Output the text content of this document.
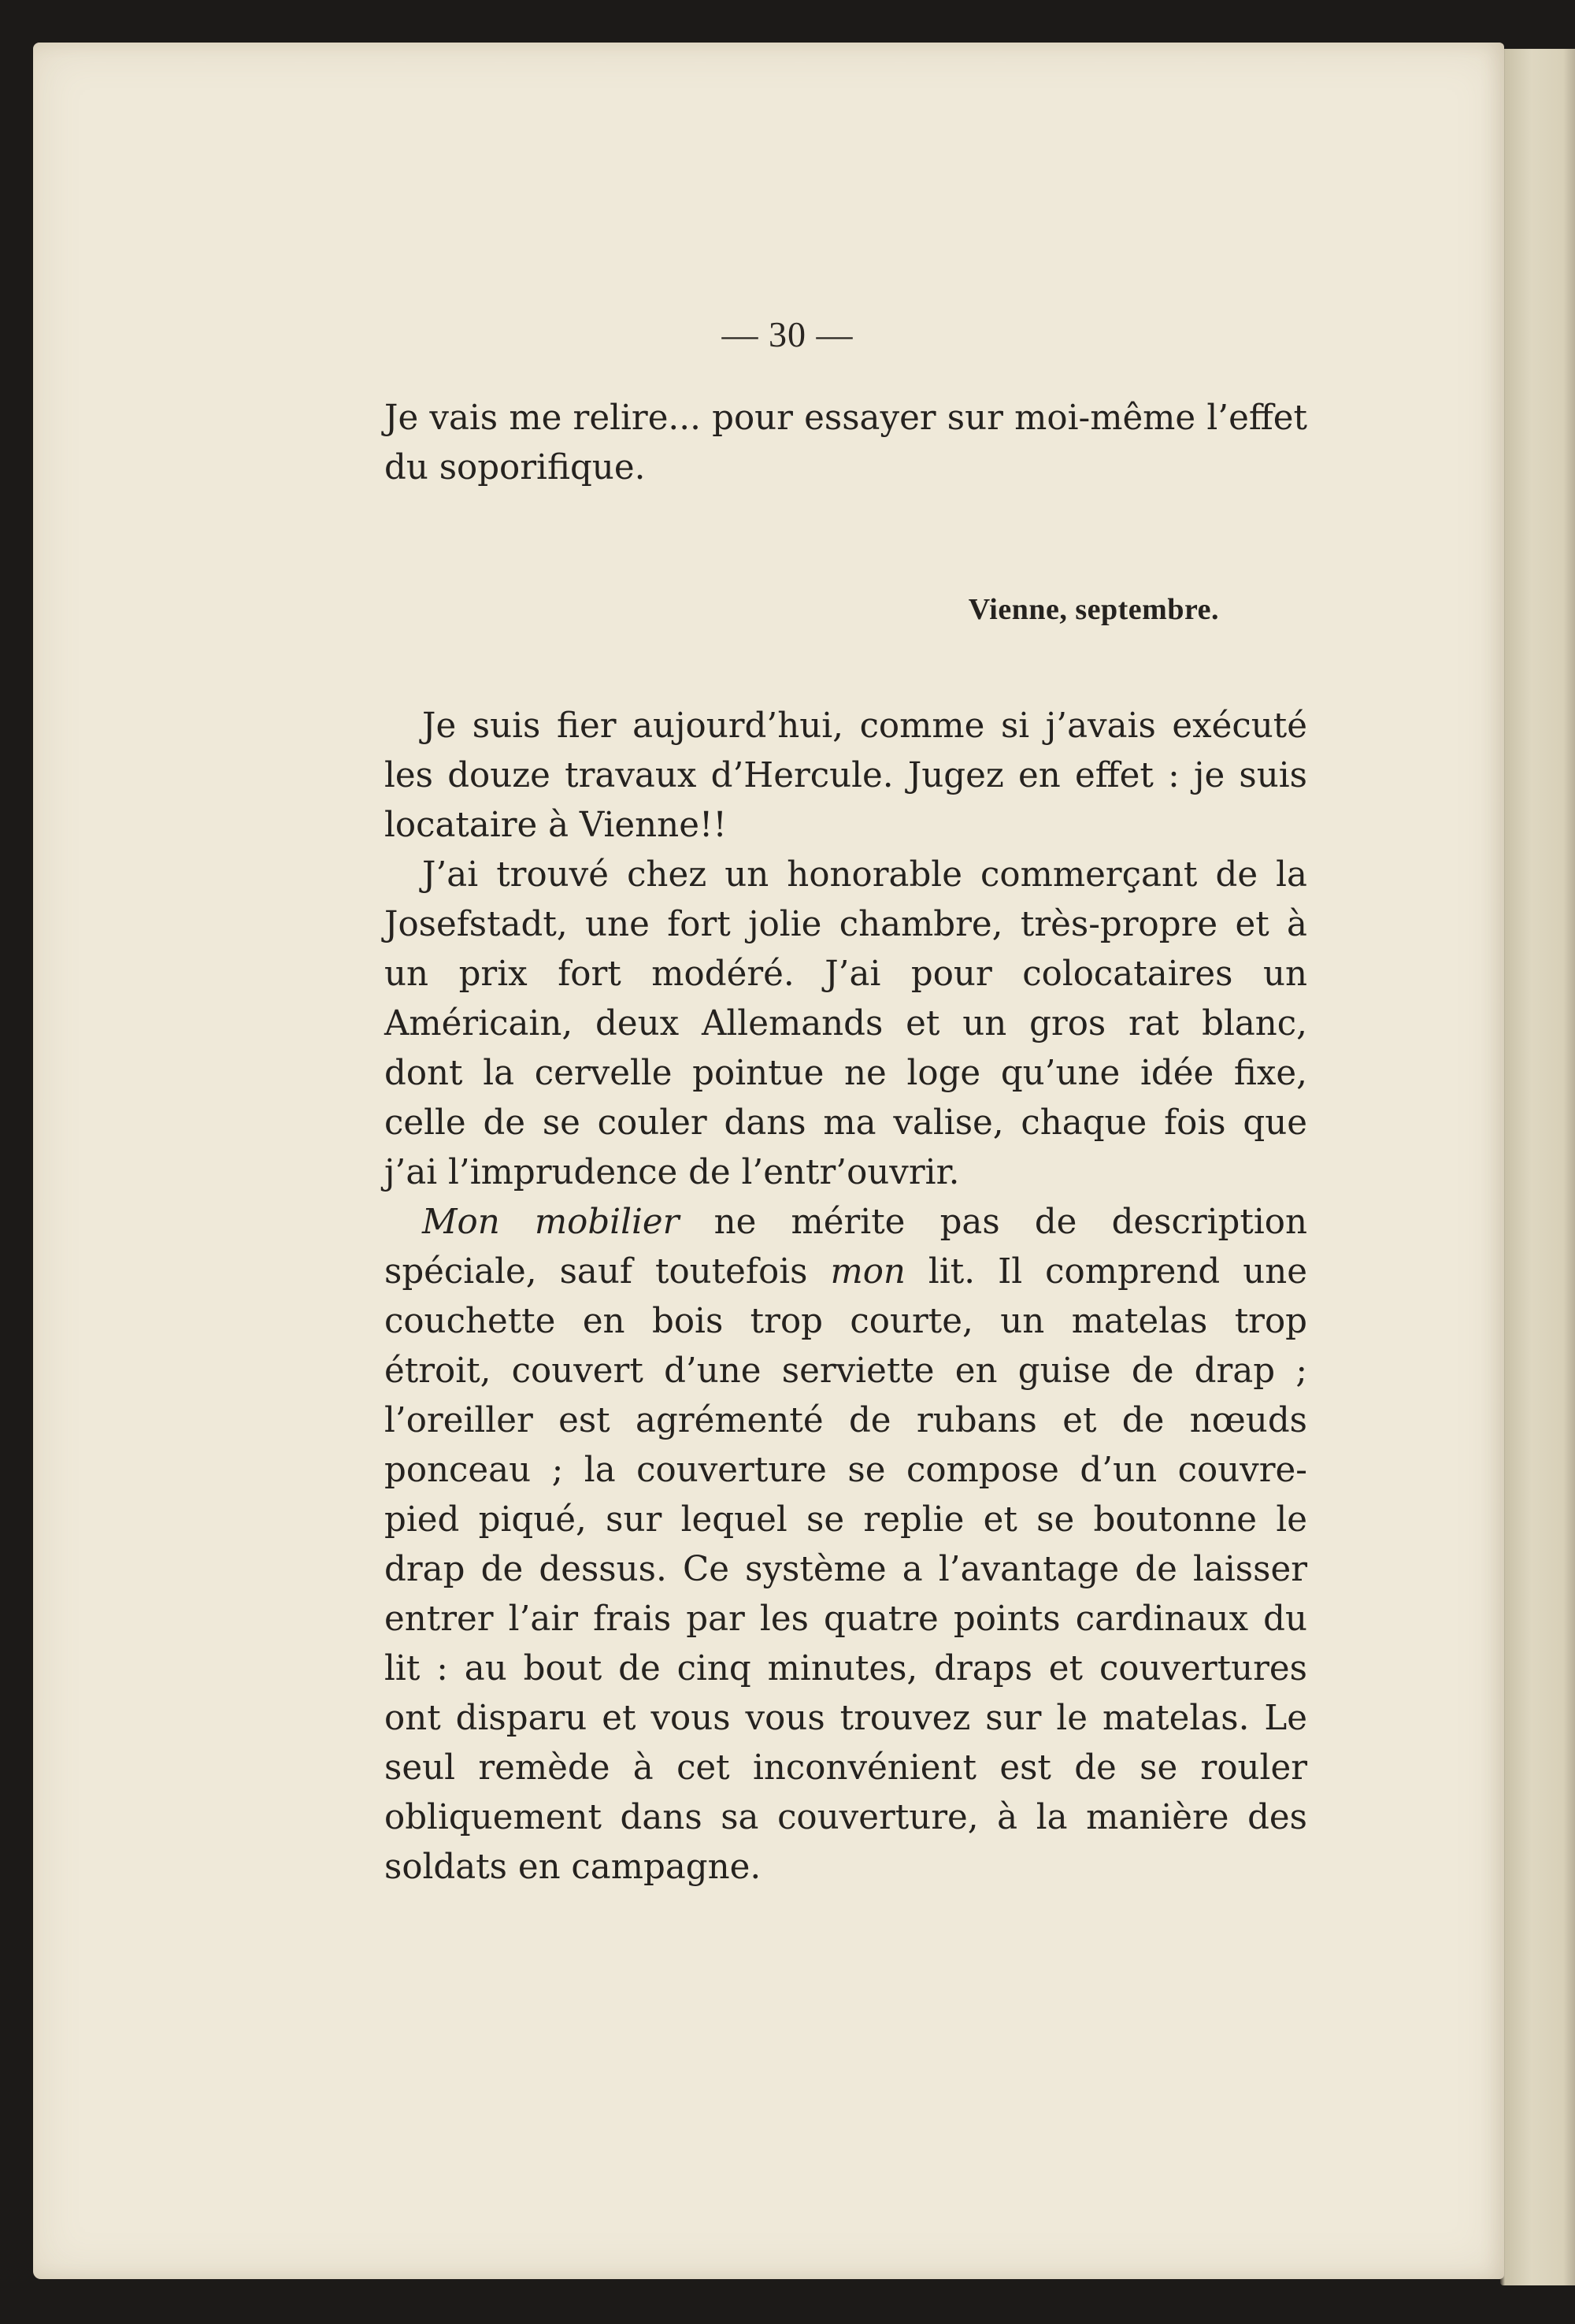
— 30 —

Je vais me relire... pour essayer sur moi-même l’effet du soporifique.

Vienne, septembre.

Je suis fier aujourd’hui, comme si j’avais exécuté les douze travaux d’Hercule. Jugez en effet : je suis locataire à Vienne!!

J’ai trouvé chez un honorable commerçant de la Josefstadt, une fort jolie chambre, très-propre et à un prix fort modéré. J’ai pour colocataires un Américain, deux Allemands et un gros rat blanc, dont la cervelle pointue ne loge qu’une idée fixe, celle de se couler dans ma valise, chaque fois que j’ai l’imprudence de l’entr’ouvrir.

Mon mobilier ne mérite pas de description spéciale, sauf toutefois mon lit. Il comprend une couchette en bois trop courte, un matelas trop étroit, couvert d’une serviette en guise de drap ; l’oreiller est agrémenté de rubans et de nœuds ponceau ; la couverture se compose d’un couvre-pied piqué, sur lequel se replie et se boutonne le drap de dessus. Ce système a l’avantage de laisser entrer l’air frais par les quatre points cardinaux du lit : au bout de cinq minutes, draps et couvertures ont disparu et vous vous trouvez sur le matelas. Le seul remède à cet inconvénient est de se rouler obliquement dans sa couverture, à la manière des soldats en campagne.
